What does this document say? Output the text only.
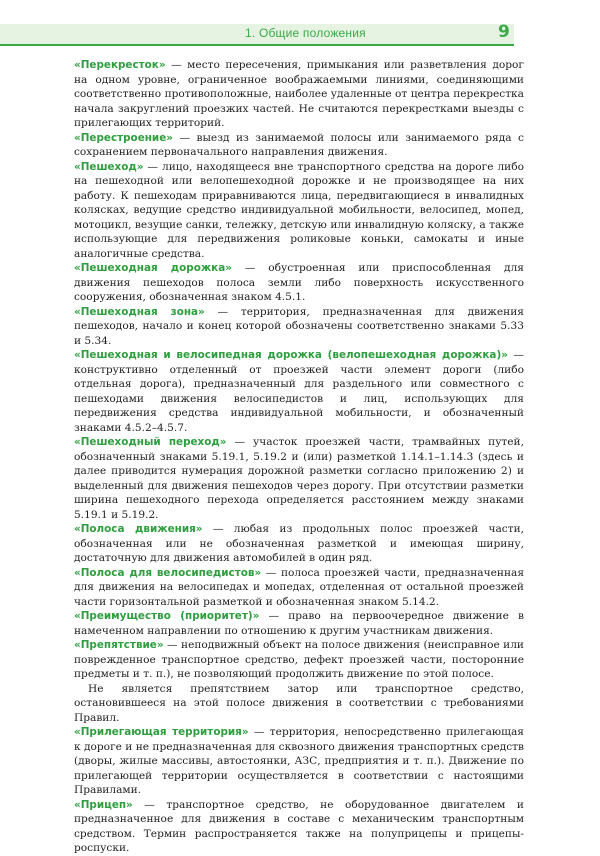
1. Общие положения	9

«Перекресток» — место пересечения, примыкания или разветвления дорог на одном уровне, ограниченное воображаемыми линиями, соединяющими соответственно противоположные, наиболее удаленные от центра перекрестка начала закруглений проезжих частей. Не считаются перекрестками выезды с прилегающих территорий.

«Перестроение» — выезд из занимаемой полосы или занимаемого ряда с сохранением первоначального направления движения.

«Пешеход» — лицо, находящееся вне транспортного средства на дороге либо на пешеходной или велопешеходной дорожке и не производящее на них работу. К пешеходам приравниваются лица, передвигающиеся в инвалидных колясках, ведущие средство индивидуальной мобильности, велосипед, мопед, мотоцикл, везущие санки, тележку, детскую или инвалидную коляску, а также использующие для передвижения роликовые коньки, самокаты и иные аналогичные средства.

«Пешеходная дорожка» — обустроенная или приспособленная для движения пешеходов полоса земли либо поверхность искусственного сооружения, обозначенная знаком 4.5.1.

«Пешеходная зона» — территория, предназначенная для движения пешеходов, начало и конец которой обозначены соответственно знаками 5.33 и 5.34.

«Пешеходная и велосипедная дорожка (велопешеходная дорожка)» — конструктивно отделенный от проезжей части элемент дороги (либо отдельная дорога), предназначенный для раздельного или совместного с пешеходами движения велосипедистов и лиц, использующих для передвижения средства индивидуальной мобильности, и обозначенный знаками 4.5.2–4.5.7.

«Пешеходный переход» — участок проезжей части, трамвайных путей, обозначенный знаками 5.19.1, 5.19.2 и (или) разметкой 1.14.1–1.14.3 (здесь и далее приводится нумерация дорожной разметки согласно приложению 2) и выделенный для движения пешеходов через дорогу. При отсутствии разметки ширина пешеходного перехода определяется расстоянием между знаками 5.19.1 и 5.19.2.

«Полоса движения» — любая из продольных полос проезжей части, обозначенная или не обозначенная разметкой и имеющая ширину, достаточную для движения автомобилей в один ряд.

«Полоса для велосипедистов» — полоса проезжей части, предназначенная для движения на велосипедах и мопедах, отделенная от остальной проезжей части горизонтальной разметкой и обозначенная знаком 5.14.2.

«Преимущество (приоритет)» — право на первоочередное движение в намеченном направлении по отношению к другим участникам движения.

«Препятствие» — неподвижный объект на полосе движения (неисправное или поврежденное транспортное средство, дефект проезжей части, посторонние предметы и т. п.), не позволяющий продолжить движение по этой полосе.

Не является препятствием затор или транспортное средство, остановившееся на этой полосе движения в соответствии с требованиями Правил.

«Прилегающая территория» — территория, непосредственно прилегающая к дороге и не предназначенная для сквозного движения транспортных средств (дворы, жилые массивы, автостоянки, АЗС, предприятия и т. п.). Движение по прилегающей территории осуществляется в соответствии с настоящими Правилами.

«Прицеп» — транспортное средство, не оборудованное двигателем и предназначенное для движения в составе с механическим транспортным средством. Термин распространяется также на полуприцепы и прицепы-роспуски.
